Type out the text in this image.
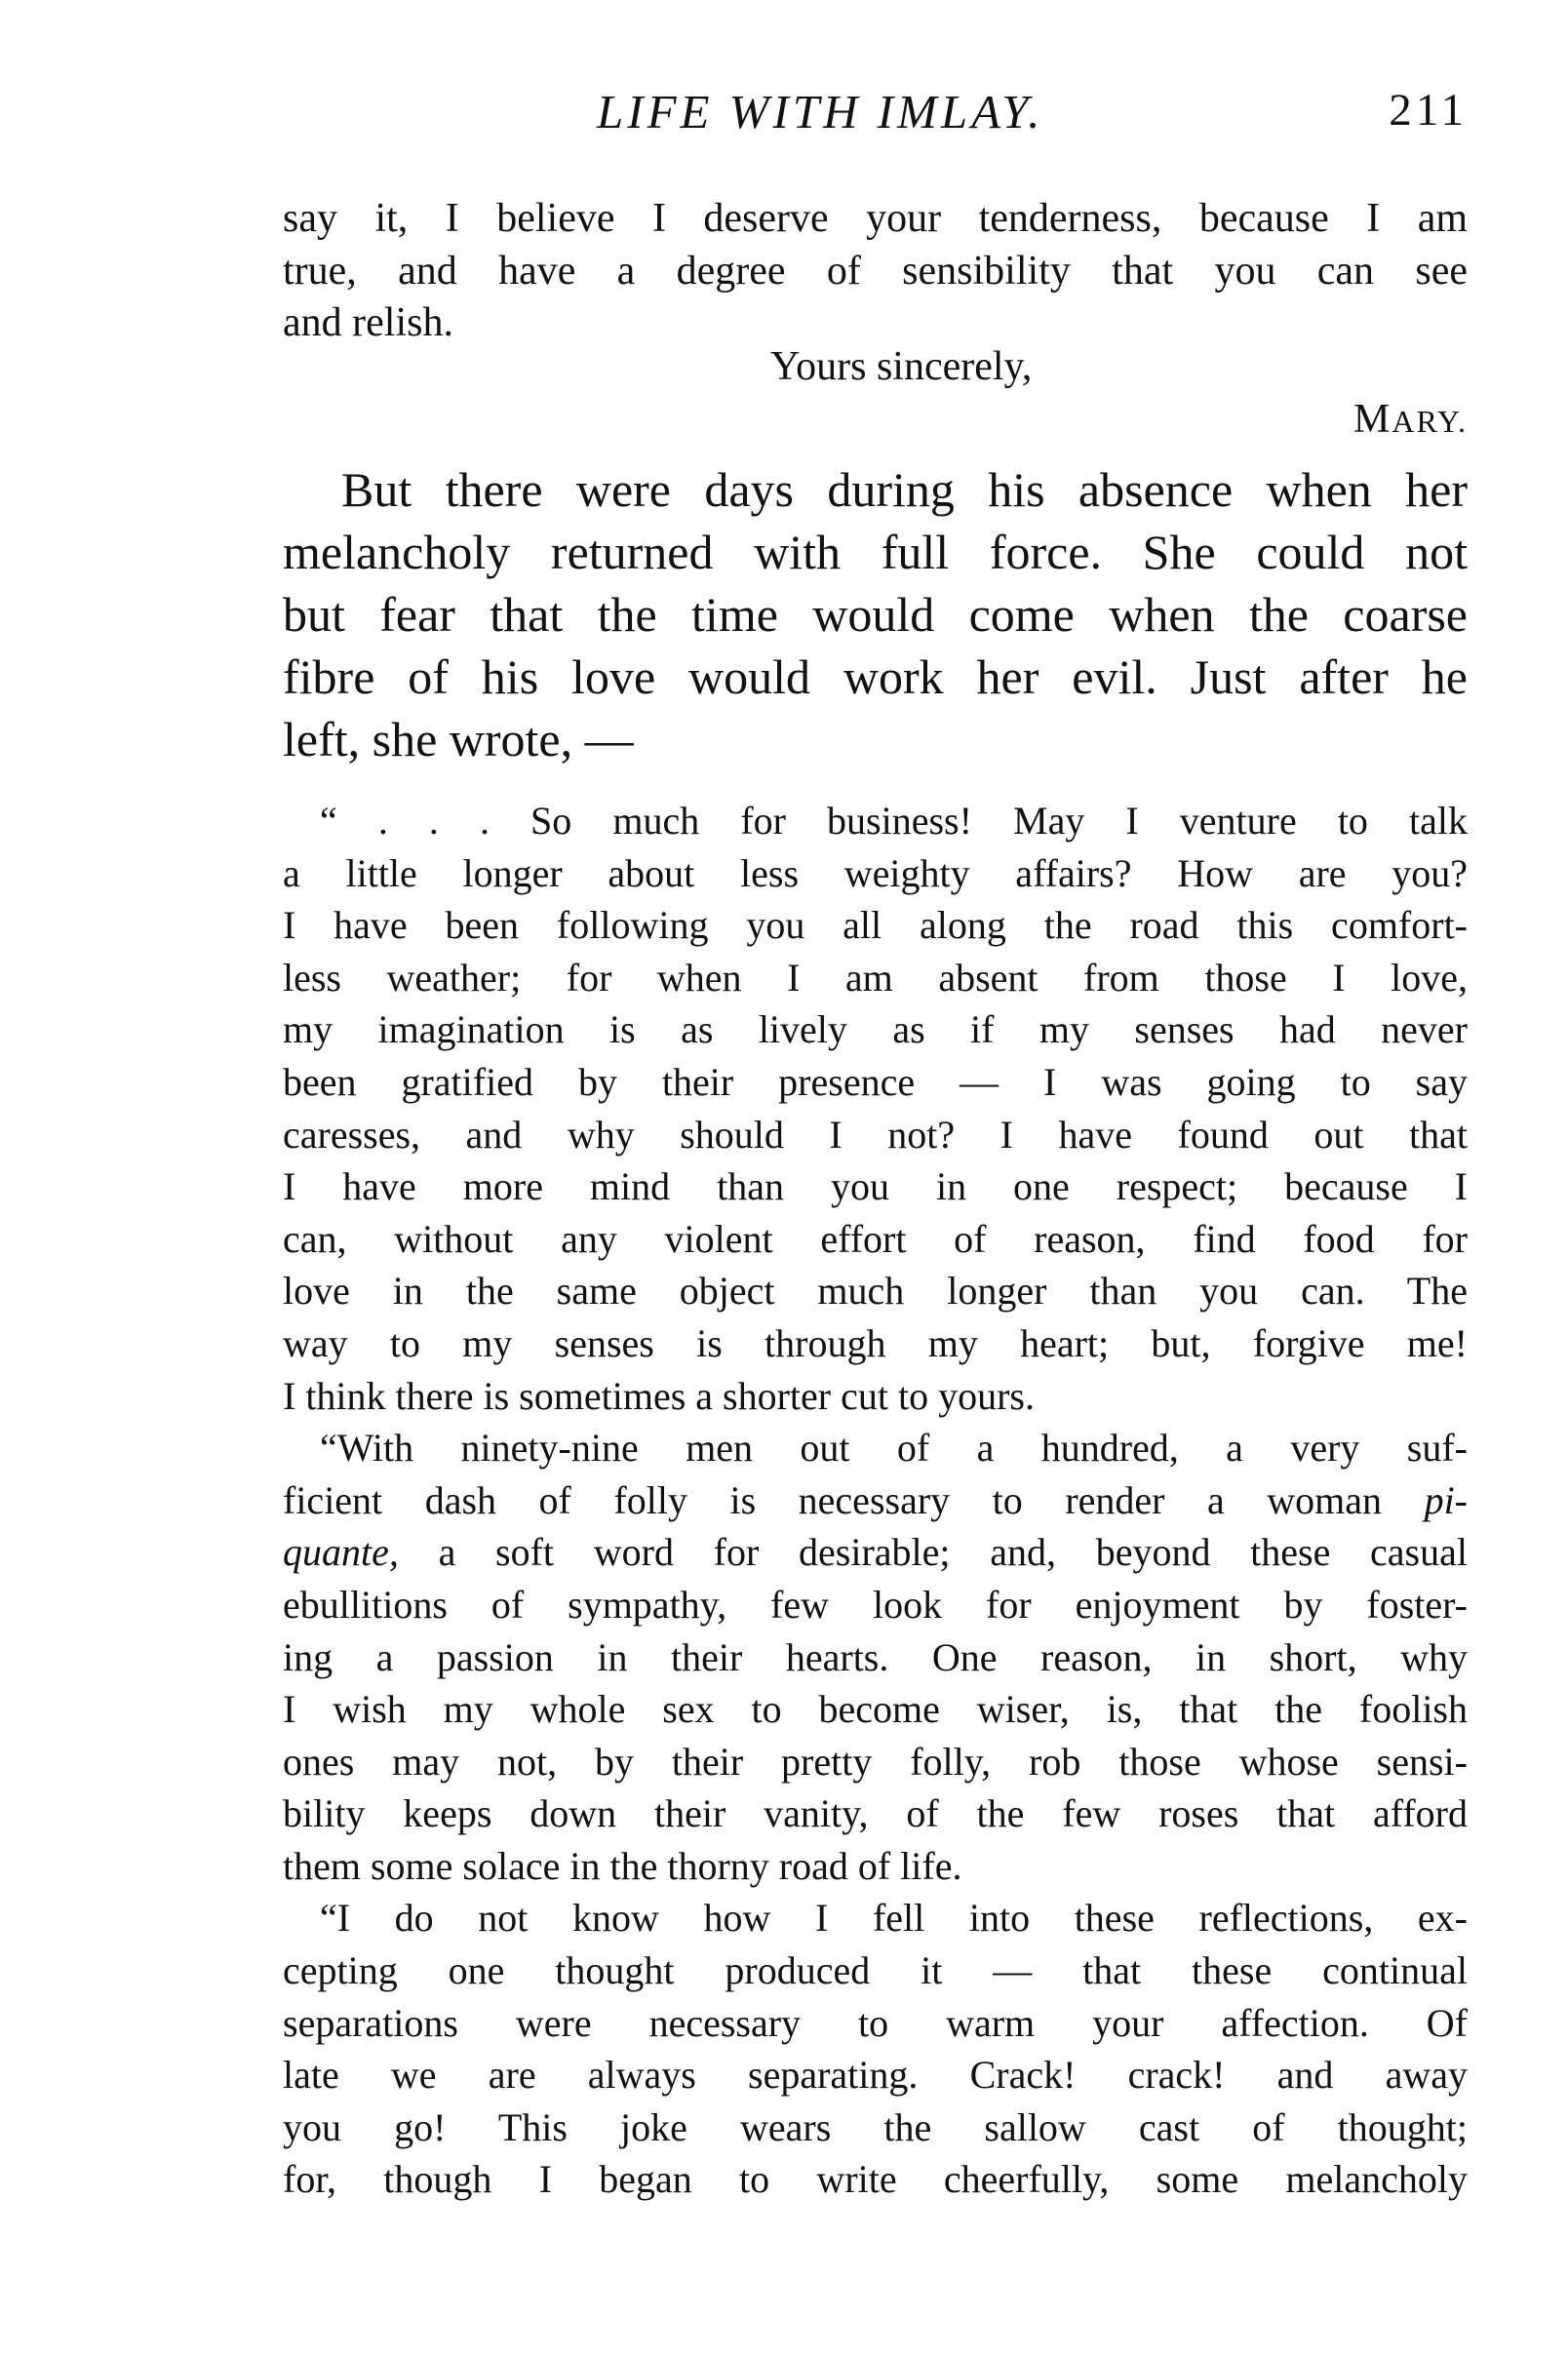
LIFE WITH IMLAY.	211
say it, I believe I deserve your tenderness, because I am
true, and have a degree of sensibility that you can see
and relish.
Yours sincerely,
MARY.
But there were days during his absence when her
melancholy returned with full force. She could not
but fear that the time would come when the coarse
fibre of his love would work her evil. Just after he
left, she wrote, —
“ . . . So much for business! May I venture to talk
a little longer about less weighty affairs? How are you?
I have been following you all along the road this comfort-
less weather; for when I am absent from those I love,
my imagination is as lively as if my senses had never
been gratified by their presence — I was going to say
caresses, and why should I not? I have found out that
I have more mind than you in one respect; because I
can, without any violent effort of reason, find food for
love in the same object much longer than you can. The
way to my senses is through my heart; but, forgive me!
I think there is sometimes a shorter cut to yours.
“With ninety-nine men out of a hundred, a very suf-
ficient dash of folly is necessary to render a woman pi-
quante, a soft word for desirable; and, beyond these casual
ebullitions of sympathy, few look for enjoyment by foster-
ing a passion in their hearts. One reason, in short, why
I wish my whole sex to become wiser, is, that the foolish
ones may not, by their pretty folly, rob those whose sensi-
bility keeps down their vanity, of the few roses that afford
them some solace in the thorny road of life.
“I do not know how I fell into these reflections, ex-
cepting one thought produced it — that these continual
separations were necessary to warm your affection. Of
late we are always separating. Crack! crack! and away
you go! This joke wears the sallow cast of thought;
for, though I began to write cheerfully, some melancholy
